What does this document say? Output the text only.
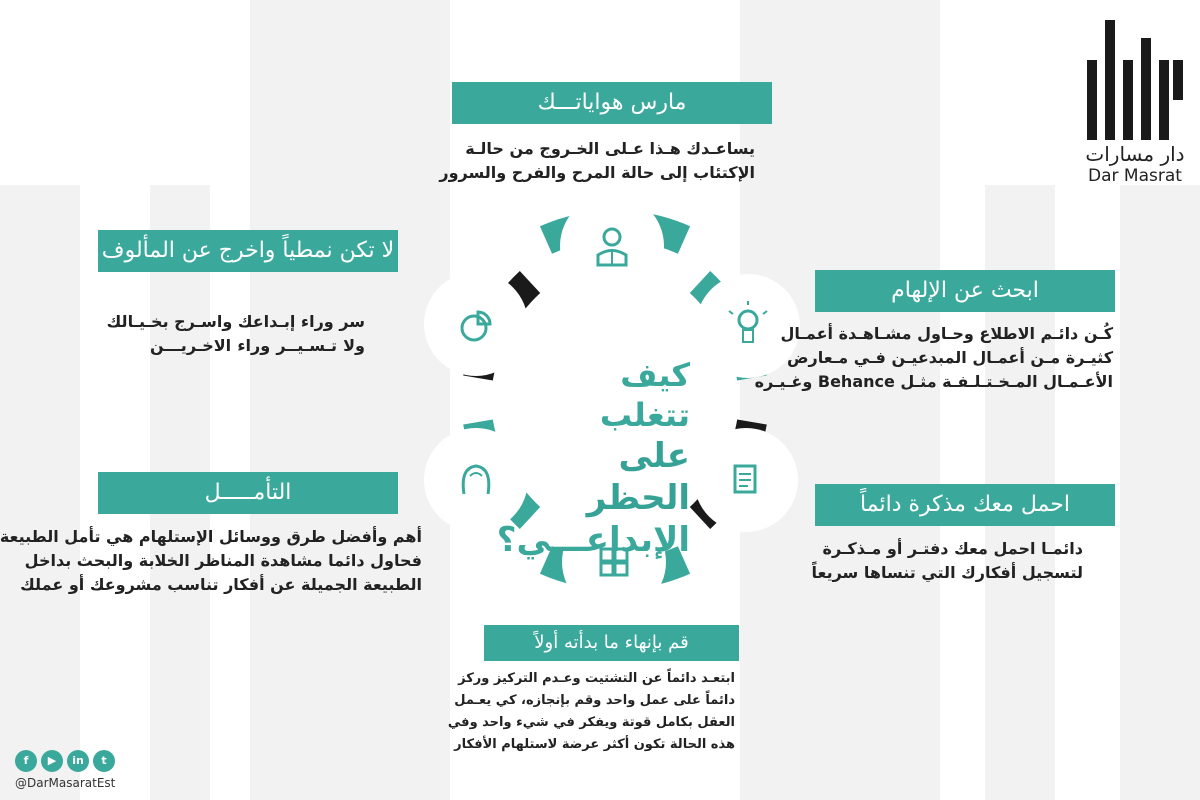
دار مسارات
Dar Masrat
كيف تتغلب
على الحظر
الإبداعـــي؟
مارس هواياتـــك
يساعـدك هـذا عـلى الخـروج من حالـة
الإكتئاب إلى حالة المرح والفرح والسرور
ابحث عن الإلهام
كُـن دائـم الاطلاع وحـاول مشـاهـدة أعمـال
كثيـرة مـن أعمـال المبدعيـن فـي مـعارض
الأعـمـال المـخـتـلـفـة مثـل Behance وغـيـره
احمل معك مذكرة دائماً
دائمـا احمل معك دفتـر أو مـذكـرة
لتسجيل أفكارك التي تنساها سريعاً
قم بإنهاء ما بدأته أولاً
ابتعـد دائماً عن التشتيت وعـدم التركيز وركز
دائماً على عمل واحد وقم بإنجازه، كي يعـمل
العقل بكامل قوتة ويفكر في شيء واحد وفي
هذه الحالة تكون أكثر عرضة لاستلهام الأفكار
التأمـــــل
أهم وأفضل طرق ووسائل الإستلهام هي تأمل الطبيعة
فحاول دائما مشاهدة المناظر الخلابة والبحث بداخل
الطبيعة الجميلة عن أفكار تناسب مشروعك أو عملك
لا تكن نمطياً واخرج عن المألوف
سر وراء إبـداعك واسـرج بخـيـالك
ولا تـسـيــر وراء الاخـريـــن
f	▶	in	t
@DarMasaratEst
